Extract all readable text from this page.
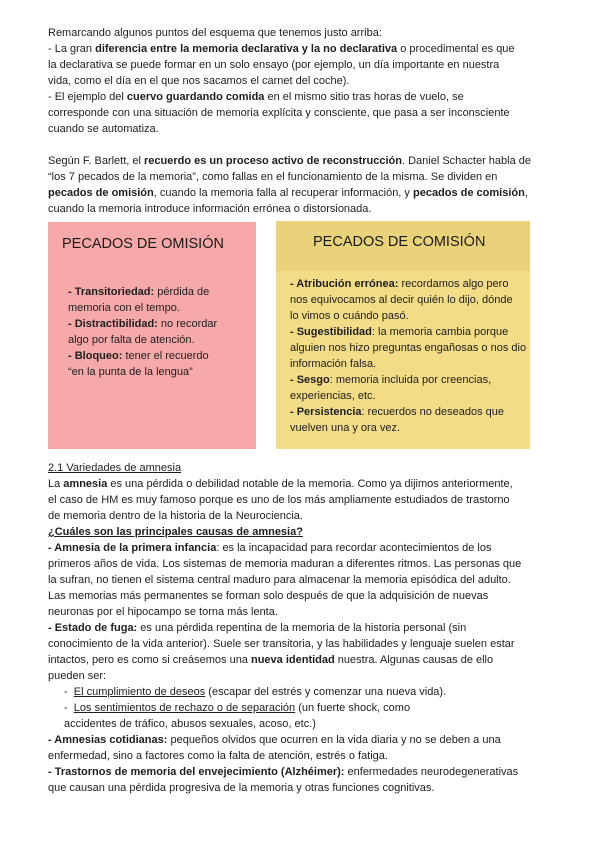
Remarcando algunos puntos del esquema que tenemos justo arriba:
- La gran diferencia entre la memoria declarativa y la no declarativa o procedimental es que
la declarativa se puede formar en un solo ensayo (por ejemplo, un día importante en nuestra
vida, como el día en el que nos sacamos el carnet del coche).
- El ejemplo del cuervo guardando comida en el mismo sitio tras horas de vuelo, se
corresponde con una situación de memoria explícita y consciente, que pasa a ser inconsciente
cuando se automatiza.
Según F. Barlett, el recuerdo es un proceso activo de reconstrucción. Daniel Schacter habla de
“los 7 pecados de la memoria”, como fallas en el funcionamiento de la misma. Se dividen en
pecados de omisión, cuando la memoria falla al recuperar información, y pecados de comisión,
cuando la memoria introduce información errónea o distorsionada.
PECADOS DE OMISIÓN
- Transitoriedad: pérdida de
memoria con el tempo.
- Distractibilidad: no recordar
algo por falta de atención.
- Bloqueo: tener el recuerdo
“en la punta de la lengua”
PECADOS DE COMISIÓN
- Atribución errónea: recordamos algo pero
nos equivocamos al decir quién lo dijo, dónde
lo vimos o cuándo pasó.
- Sugestibilidad: la memoria cambia porque
alguien nos hizo preguntas engañosas o nos dio
información falsa.
- Sesgo: memoria incluida por creencias,
experiencias, etc.
- Persistencia: recuerdos no deseados que
vuelven una y ora vez.
2.1 Variedades de amnesia
La amnesia es una pérdida o debilidad notable de la memoria. Como ya dijimos anteriormente,
el caso de HM es muy famoso porque es uno de los más ampliamente estudiados de trastorno
de memoria dentro de la historia de la Neurociencia.
¿Cuáles son las principales causas de amnesia?
- Amnesia de la primera infancia: es la incapacidad para recordar acontecimientos de los
primeros años de vida. Los sistemas de memoria maduran a diferentes ritmos. Las personas que
la sufran, no tienen el sistema central maduro para almacenar la memoria episódica del adulto.
Las memorias más permanentes se forman solo después de que la adquisición de nuevas
neuronas por el hipocampo se torna más lenta.
- Estado de fuga: es una pérdida repentina de la memoria de la historia personal (sin
conocimiento de la vida anterior). Suele ser transitoria, y las habilidades y lenguaje suelen estar
intactos, pero es como si creásemos una nueva identidad nuestra. Algunas causas de ello
pueden ser:
-  El cumplimiento de deseos (escapar del estrés y comenzar una nueva vida).
-  Los sentimientos de rechazo o de separación (un fuerte shock, como
accidentes de tráfico, abusos sexuales, acoso, etc.)
- Amnesias cotidianas: pequeños olvidos que ocurren en la vida diaria y no se deben a una
enfermedad, sino a factores como la falta de atención, estrés o fatiga.
- Trastornos de memoria del envejecimiento (Alzhéimer): enfermedades neurodegenerativas
que causan una pérdida progresiva de la memoria y otras funciones cognitivas.
